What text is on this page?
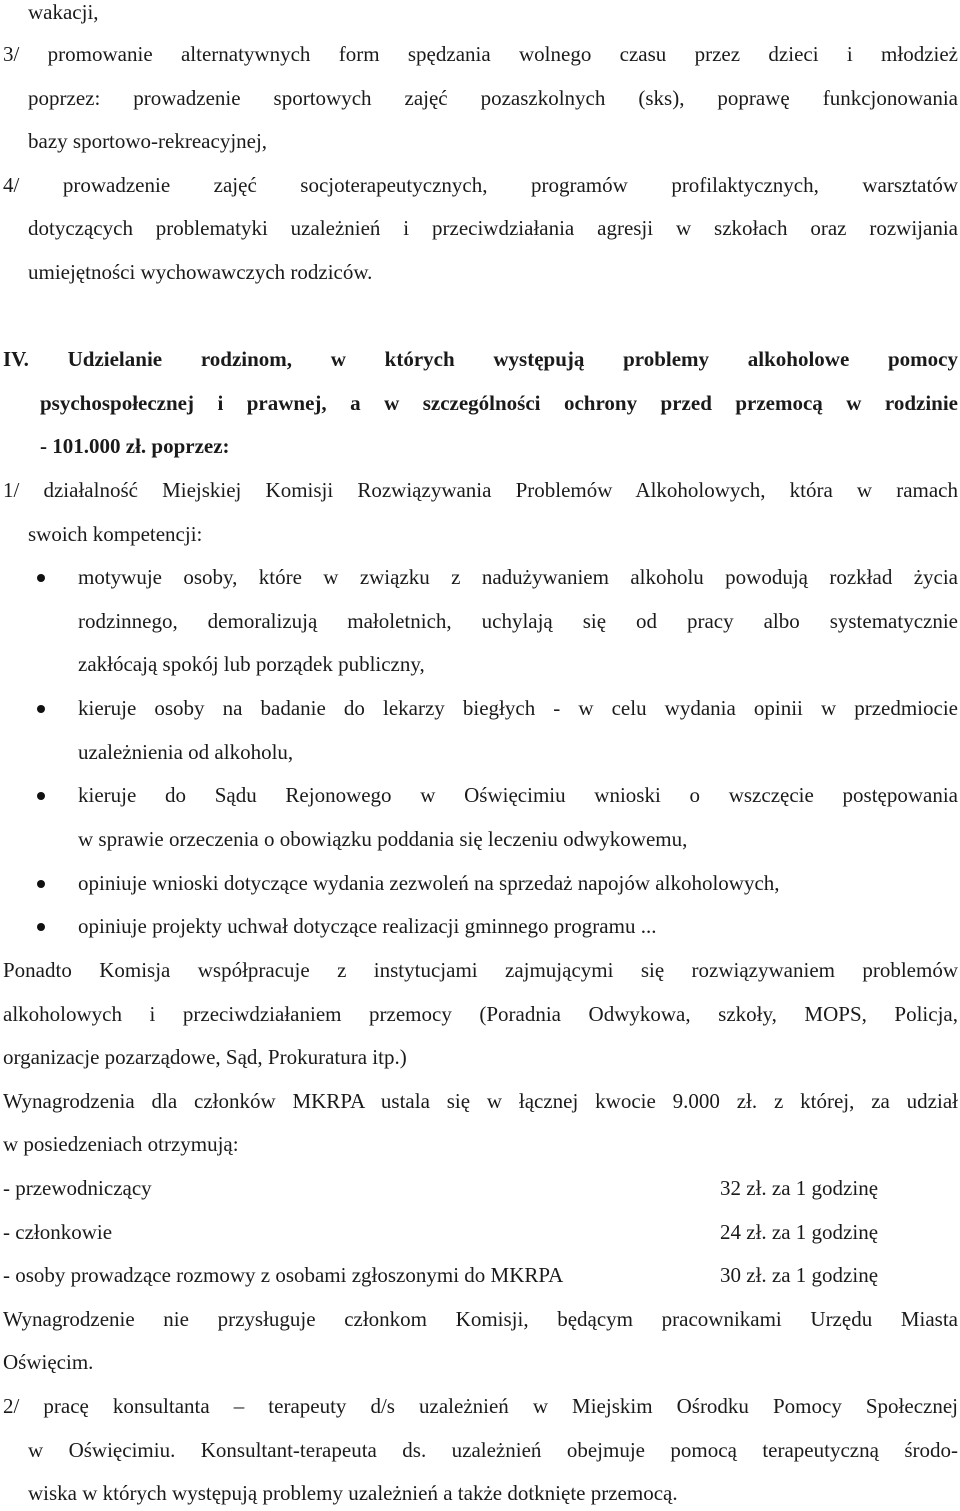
wakacji,
3/ promowanie alternatywnych form spędzania wolnego czasu przez dzieci i młodzież
poprzez: prowadzenie sportowych zajęć pozaszkolnych (sks), poprawę funkcjonowania
bazy sportowo-rekreacyjnej,
4/ prowadzenie zajęć socjoterapeutycznych, programów profilaktycznych, warsztatów
dotyczących problematyki uzależnień i przeciwdziałania agresji w szkołach oraz rozwijania
umiejętności wychowawczych rodziców.
IV. Udzielanie rodzinom, w których występują problemy alkoholowe pomocy
psychospołecznej i prawnej, a w szczególności ochrony przed przemocą w rodzinie
- 101.000 zł. poprzez:
1/ działalność Miejskiej Komisji Rozwiązywania Problemów Alkoholowych, która w ramach
swoich kompetencji:
motywuje osoby, które w związku z nadużywaniem alkoholu powodują rozkład życia
rodzinnego, demoralizują małoletnich, uchylają się od pracy albo systematycznie
zakłócają spokój lub porządek publiczny,
kieruje osoby na badanie do lekarzy biegłych - w celu wydania opinii w przedmiocie
uzależnienia od alkoholu,
kieruje do Sądu Rejonowego w Oświęcimiu wnioski o wszczęcie postępowania
w sprawie orzeczenia o obowiązku poddania się leczeniu odwykowemu,
opiniuje wnioski dotyczące wydania zezwoleń na sprzedaż napojów alkoholowych,
opiniuje projekty uchwał dotyczące realizacji gminnego programu ...
Ponadto Komisja współpracuje z instytucjami zajmującymi się rozwiązywaniem problemów
alkoholowych i przeciwdziałaniem przemocy (Poradnia Odwykowa, szkoły, MOPS, Policja,
organizacje pozarządowe, Sąd, Prokuratura itp.)
Wynagrodzenia dla członków MKRPA ustala się w łącznej kwocie 9.000 zł. z której, za udział
w posiedzeniach otrzymują:
- przewodniczący	32 zł. za 1 godzinę
- członkowie	24 zł. za 1 godzinę
- osoby prowadzące rozmowy z osobami zgłoszonymi do MKRPA	30 zł. za 1 godzinę
Wynagrodzenie nie przysługuje członkom Komisji, będącym pracownikami Urzędu Miasta
Oświęcim.
2/ pracę konsultanta – terapeuty d/s uzależnień w Miejskim Ośrodku Pomocy Społecznej
w Oświęcimiu. Konsultant-terapeuta ds. uzależnień obejmuje pomocą terapeutyczną środo-
wiska w których występują problemy uzależnień a także dotknięte przemocą.
